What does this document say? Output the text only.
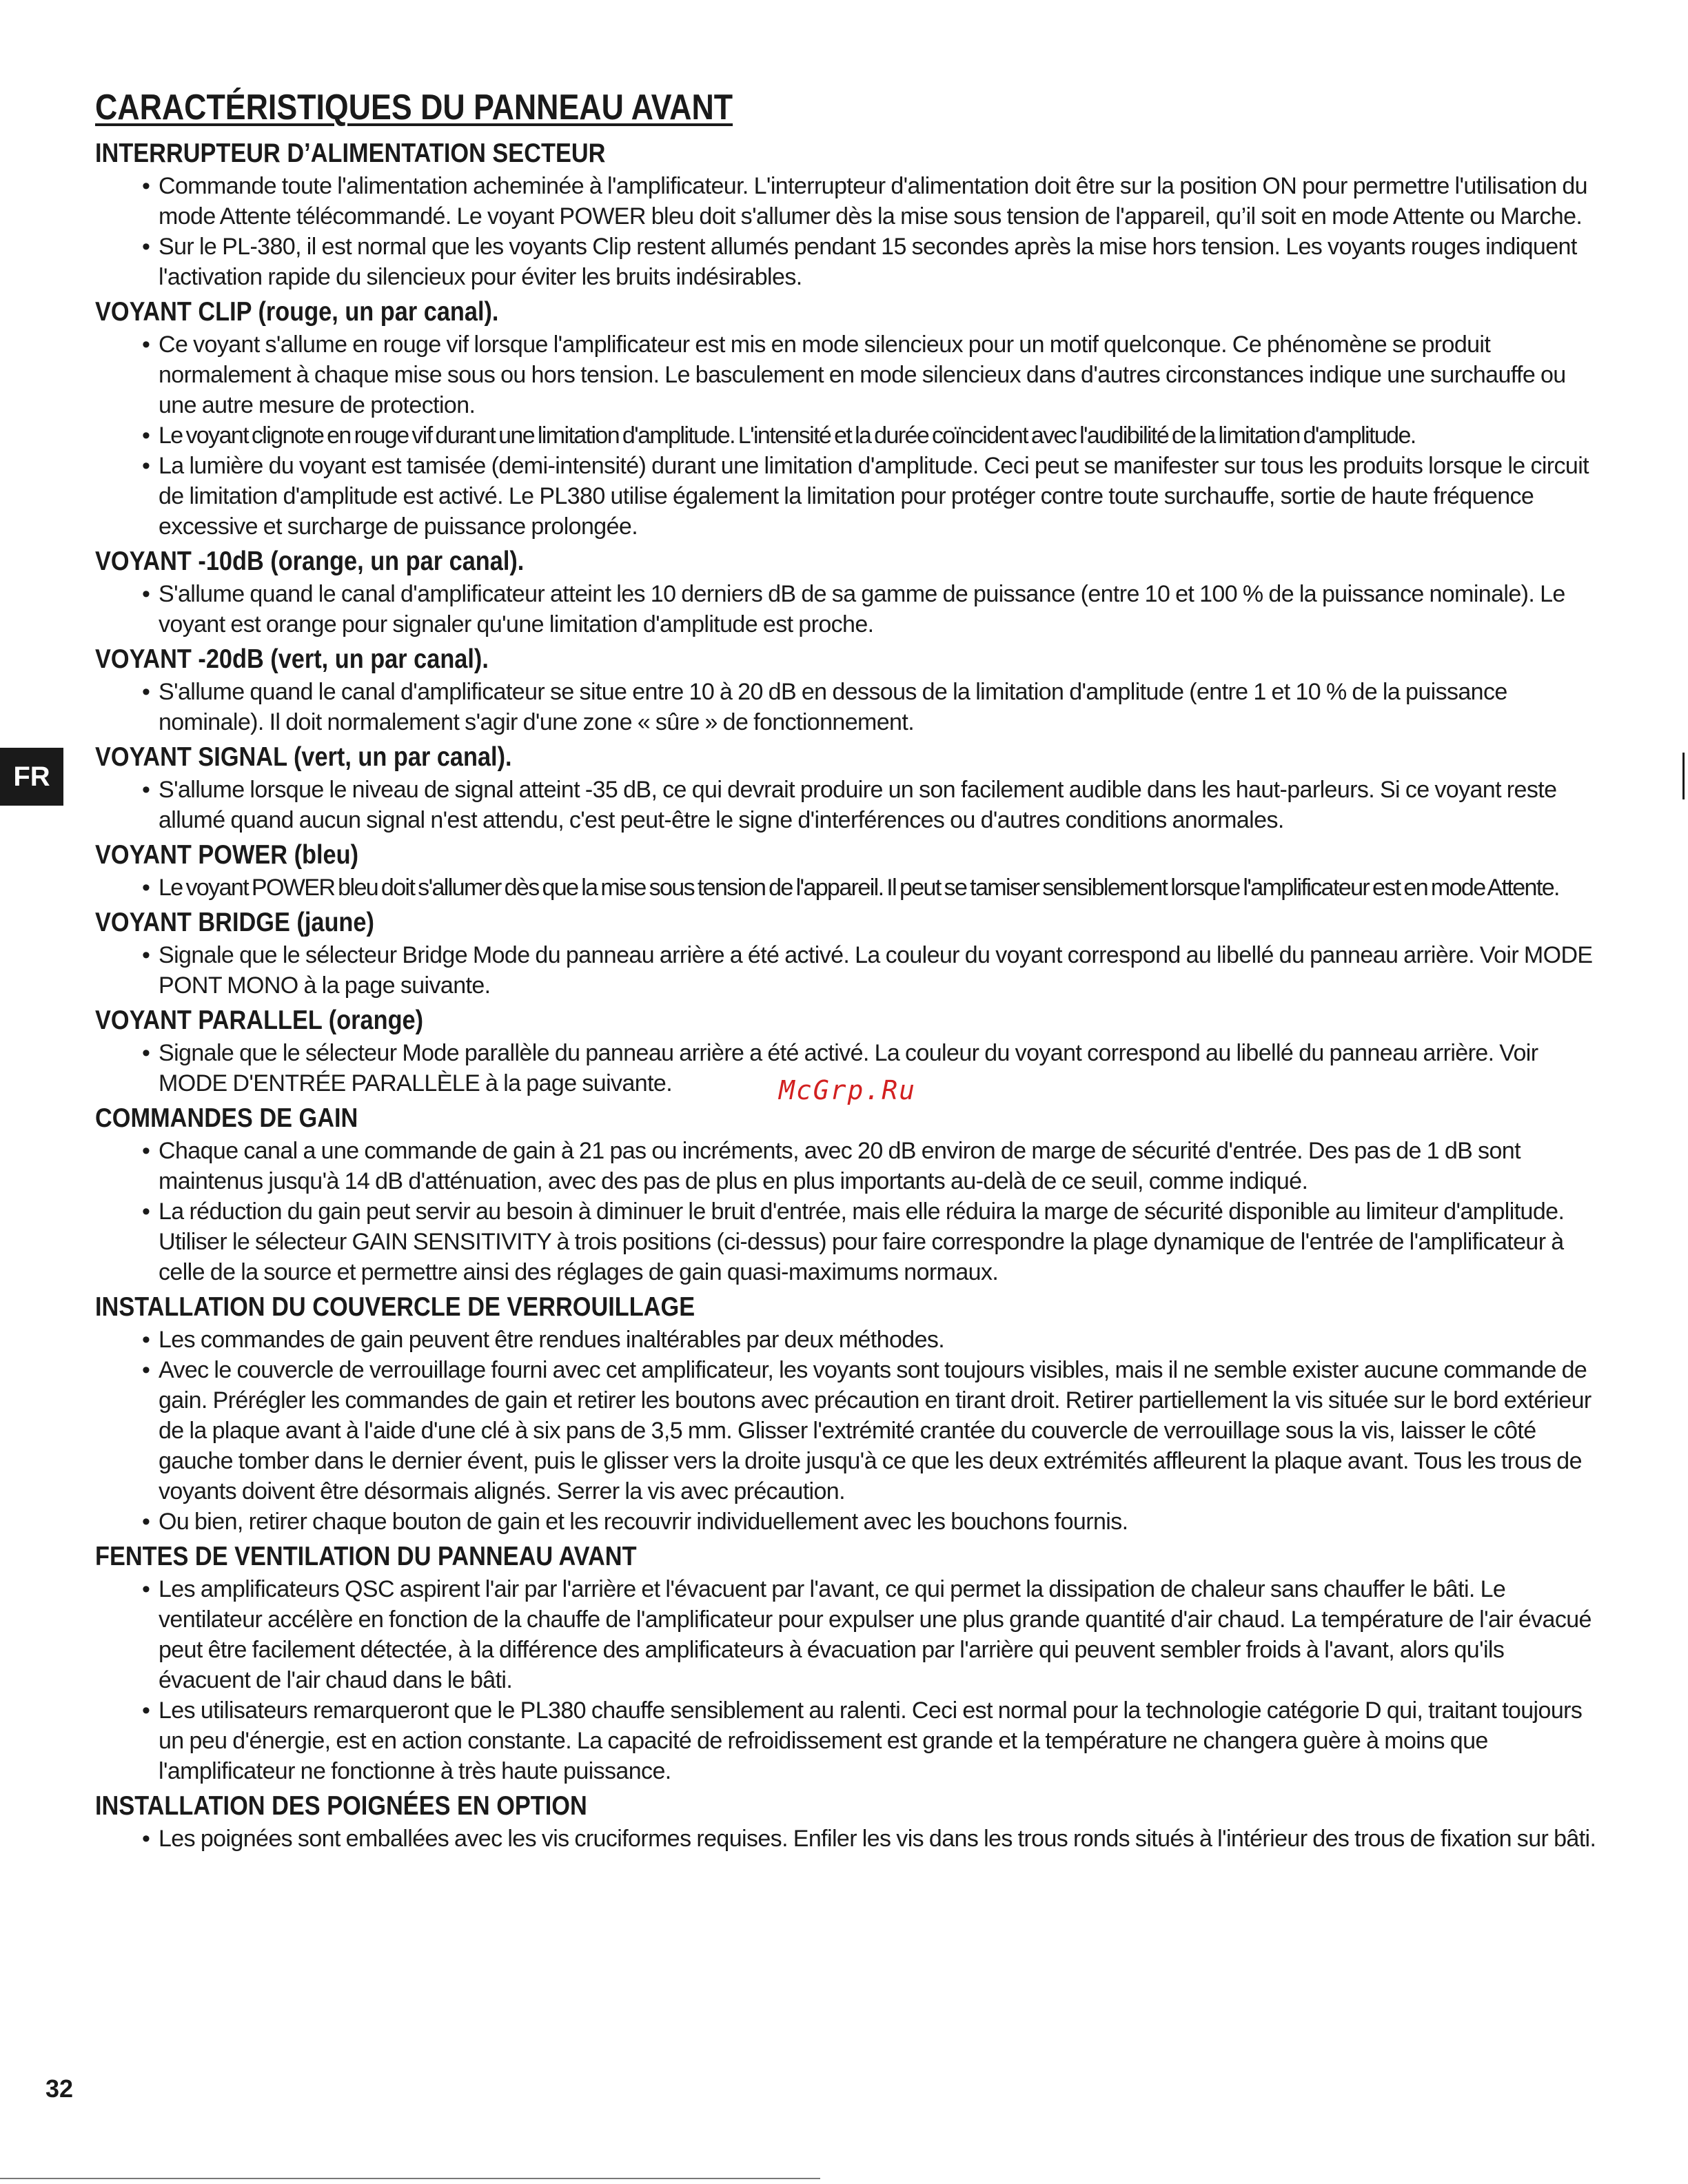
CARACTÉRISTIQUES DU PANNEAU AVANT
FR
INTERRUPTEUR D’ALIMENTATION SECTEUR
• Commande toute l'alimentation acheminée à l'amplificateur. L'interrupteur d'alimentation doit être sur la position ON pour permettre l'utilisation du mode Attente télécommandé. Le voyant POWER bleu doit s'allumer dès la mise sous tension de l'appareil, qu’il soit en mode Attente ou Marche.
• Sur le PL-380, il est normal que les voyants Clip restent allumés pendant 15 secondes après la mise hors tension. Les voyants rouges indiquent l'activation rapide du silencieux pour éviter les bruits indésirables.
VOYANT CLIP (rouge, un par canal).
• Ce voyant s'allume en rouge vif lorsque l'amplificateur est mis en mode silencieux pour un motif quelconque. Ce phénomène se produit normalement à chaque mise sous ou hors tension. Le basculement en mode silencieux dans d'autres circonstances indique une surchauffe ou une autre mesure de protection.
• Le voyant clignote en rouge vif durant une limitation d'amplitude. L'intensité et la durée coïncident avec l'audibilité de la limitation d'amplitude.
• La lumière du voyant est tamisée (demi-intensité) durant une limitation d'amplitude. Ceci peut se manifester sur tous les produits lorsque le circuit de limitation d'amplitude est activé. Le PL380 utilise également la limitation pour protéger contre toute surchauffe, sortie de haute fréquence excessive et surcharge de puissance prolongée.
VOYANT -10dB (orange, un par canal).
• S'allume quand le canal d'amplificateur atteint les 10 derniers dB de sa gamme de puissance (entre 10 et 100 % de la puissance nominale). Le voyant est orange pour signaler qu'une limitation d'amplitude est proche.
VOYANT -20dB (vert, un par canal).
• S'allume quand le canal d'amplificateur se situe entre 10 à 20 dB en dessous de la limitation d'amplitude (entre 1 et 10 % de la puissance nominale). Il doit normalement s'agir d'une zone « sûre » de fonctionnement.
VOYANT SIGNAL (vert, un par canal).
• S'allume lorsque le niveau de signal atteint -35 dB, ce qui devrait produire un son facilement audible dans les haut-parleurs. Si ce voyant reste allumé quand aucun signal n'est attendu, c'est peut-être le signe d'interférences ou d'autres conditions anormales.
VOYANT POWER (bleu)
• Le voyant POWER bleu doit s'allumer dès que la mise sous tension de l'appareil. Il peut se tamiser sensiblement lorsque l'amplificateur est en mode Attente.
VOYANT BRIDGE (jaune)
• Signale que le sélecteur Bridge Mode du panneau arrière a été activé. La couleur du voyant correspond au libellé du panneau arrière. Voir MODE PONT MONO à la page suivante.
VOYANT PARALLEL (orange)
• Signale que le sélecteur Mode parallèle du panneau arrière a été activé. La couleur du voyant correspond au libellé du panneau arrière. Voir MODE D'ENTRÉE PARALLÈLE à la page suivante.
COMMANDES DE GAIN
• Chaque canal a une commande de gain à 21 pas ou incréments, avec 20 dB environ de marge de sécurité d'entrée. Des pas de 1 dB sont maintenus jusqu'à 14 dB d'atténuation, avec des pas de plus en plus importants au-delà de ce seuil, comme indiqué.
• La réduction du gain peut servir au besoin à diminuer le bruit d'entrée, mais elle réduira la marge de sécurité disponible au limiteur d'amplitude. Utiliser le sélecteur GAIN SENSITIVITY à trois positions (ci-dessus) pour faire correspondre la plage dynamique de l'entrée de l'amplificateur à celle de la source et permettre ainsi des réglages de gain quasi-maximums normaux.
INSTALLATION DU COUVERCLE DE VERROUILLAGE
• Les commandes de gain peuvent être rendues inaltérables par deux méthodes.
• Avec le couvercle de verrouillage fourni avec cet amplificateur, les voyants sont toujours visibles, mais il ne semble exister aucune commande de gain. Prérégler les commandes de gain et retirer les boutons avec précaution en tirant droit. Retirer partiellement la vis située sur le bord extérieur de la plaque avant à l'aide d'une clé à six pans de 3,5 mm. Glisser l'extrémité crantée du couvercle de verrouillage sous la vis, laisser le côté gauche tomber dans le dernier évent, puis le glisser vers la droite jusqu'à ce que les deux extrémités affleurent la plaque avant. Tous les trous de voyants doivent être désormais alignés. Serrer la vis avec précaution.
• Ou bien, retirer chaque bouton de gain et les recouvrir individuellement avec les bouchons fournis.
FENTES DE VENTILATION DU PANNEAU AVANT
• Les amplificateurs QSC aspirent l'air par l'arrière et l'évacuent par l'avant, ce qui permet la dissipation de chaleur sans chauffer le bâti. Le ventilateur accélère en fonction de la chauffe de l'amplificateur pour expulser une plus grande quantité d'air chaud. La température de l'air évacué peut être facilement détectée, à la différence des amplificateurs à évacuation par l'arrière qui peuvent sembler froids à l'avant, alors qu'ils évacuent de l'air chaud dans le bâti.
• Les utilisateurs remarqueront que le PL380 chauffe sensiblement au ralenti. Ceci est normal pour la technologie catégorie D qui, traitant toujours un peu d'énergie, est en action constante. La capacité de refroidissement est grande et la température ne changera guère à moins que l'amplificateur ne fonctionne à très haute puissance.
INSTALLATION DES POIGNÉES EN OPTION
• Les poignées sont emballées avec les vis cruciformes requises. Enfiler les vis dans les trous ronds situés à l'intérieur des trous de fixation sur bâti.
McGrp.Ru
32
